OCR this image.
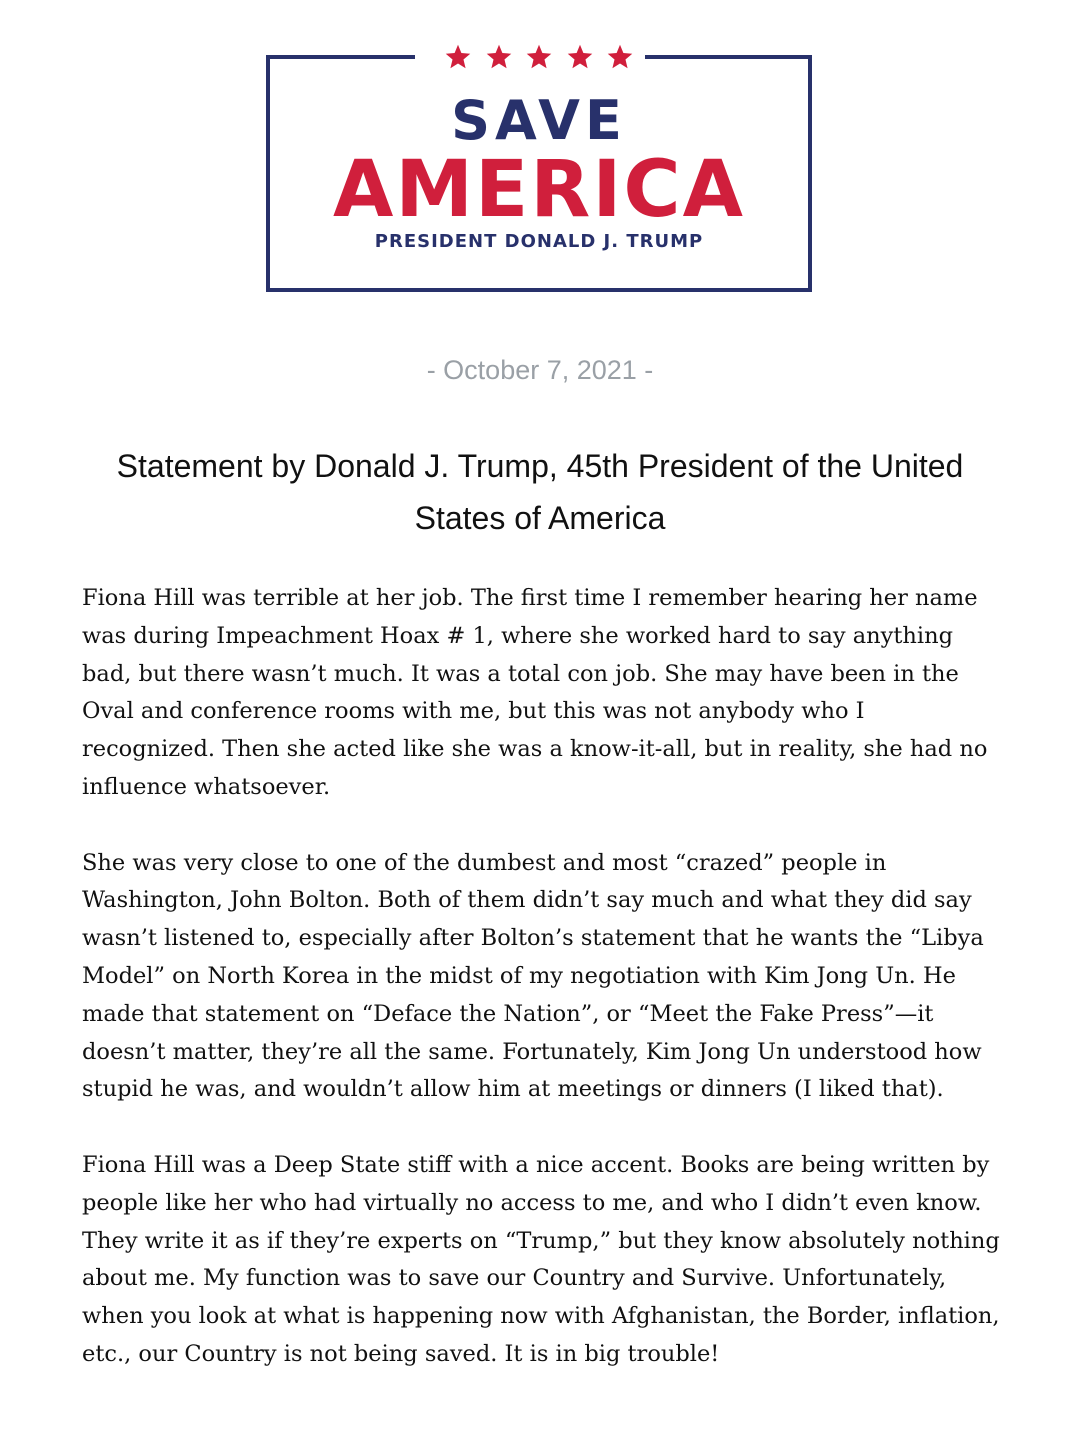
SAVE
AMERICA
PRESIDENT DONALD J. TRUMP
- October 7, 2021 -
Statement by Donald J. Trump, 45th President of the United States of America

Fiona Hill was terrible at her job. The first time I remember hearing her name was during Impeachment Hoax # 1, where she worked hard to say anything bad, but there wasn’t much. It was a total con job. She may have been in the Oval and conference rooms with me, but this was not anybody who I recognized. Then she acted like she was a know-it-all, but in reality, she had no influence whatsoever.

She was very close to one of the dumbest and most “crazed” people in Washington, John Bolton. Both of them didn’t say much and what they did say wasn’t listened to, especially after Bolton’s statement that he wants the “Libya Model” on North Korea in the midst of my negotiation with Kim Jong Un. He made that statement on “Deface the Nation”, or “Meet the Fake Press”—it doesn’t matter, they’re all the same. Fortunately, Kim Jong Un understood how stupid he was, and wouldn’t allow him at meetings or dinners (I liked that).

Fiona Hill was a Deep State stiff with a nice accent. Books are being written by people like her who had virtually no access to me, and who I didn’t even know. They write it as if they’re experts on “Trump,” but they know absolutely nothing about me. My function was to save our Country and Survive. Unfortunately, when you look at what is happening now with Afghanistan, the Border, inflation, etc., our Country is not being saved. It is in big trouble!
